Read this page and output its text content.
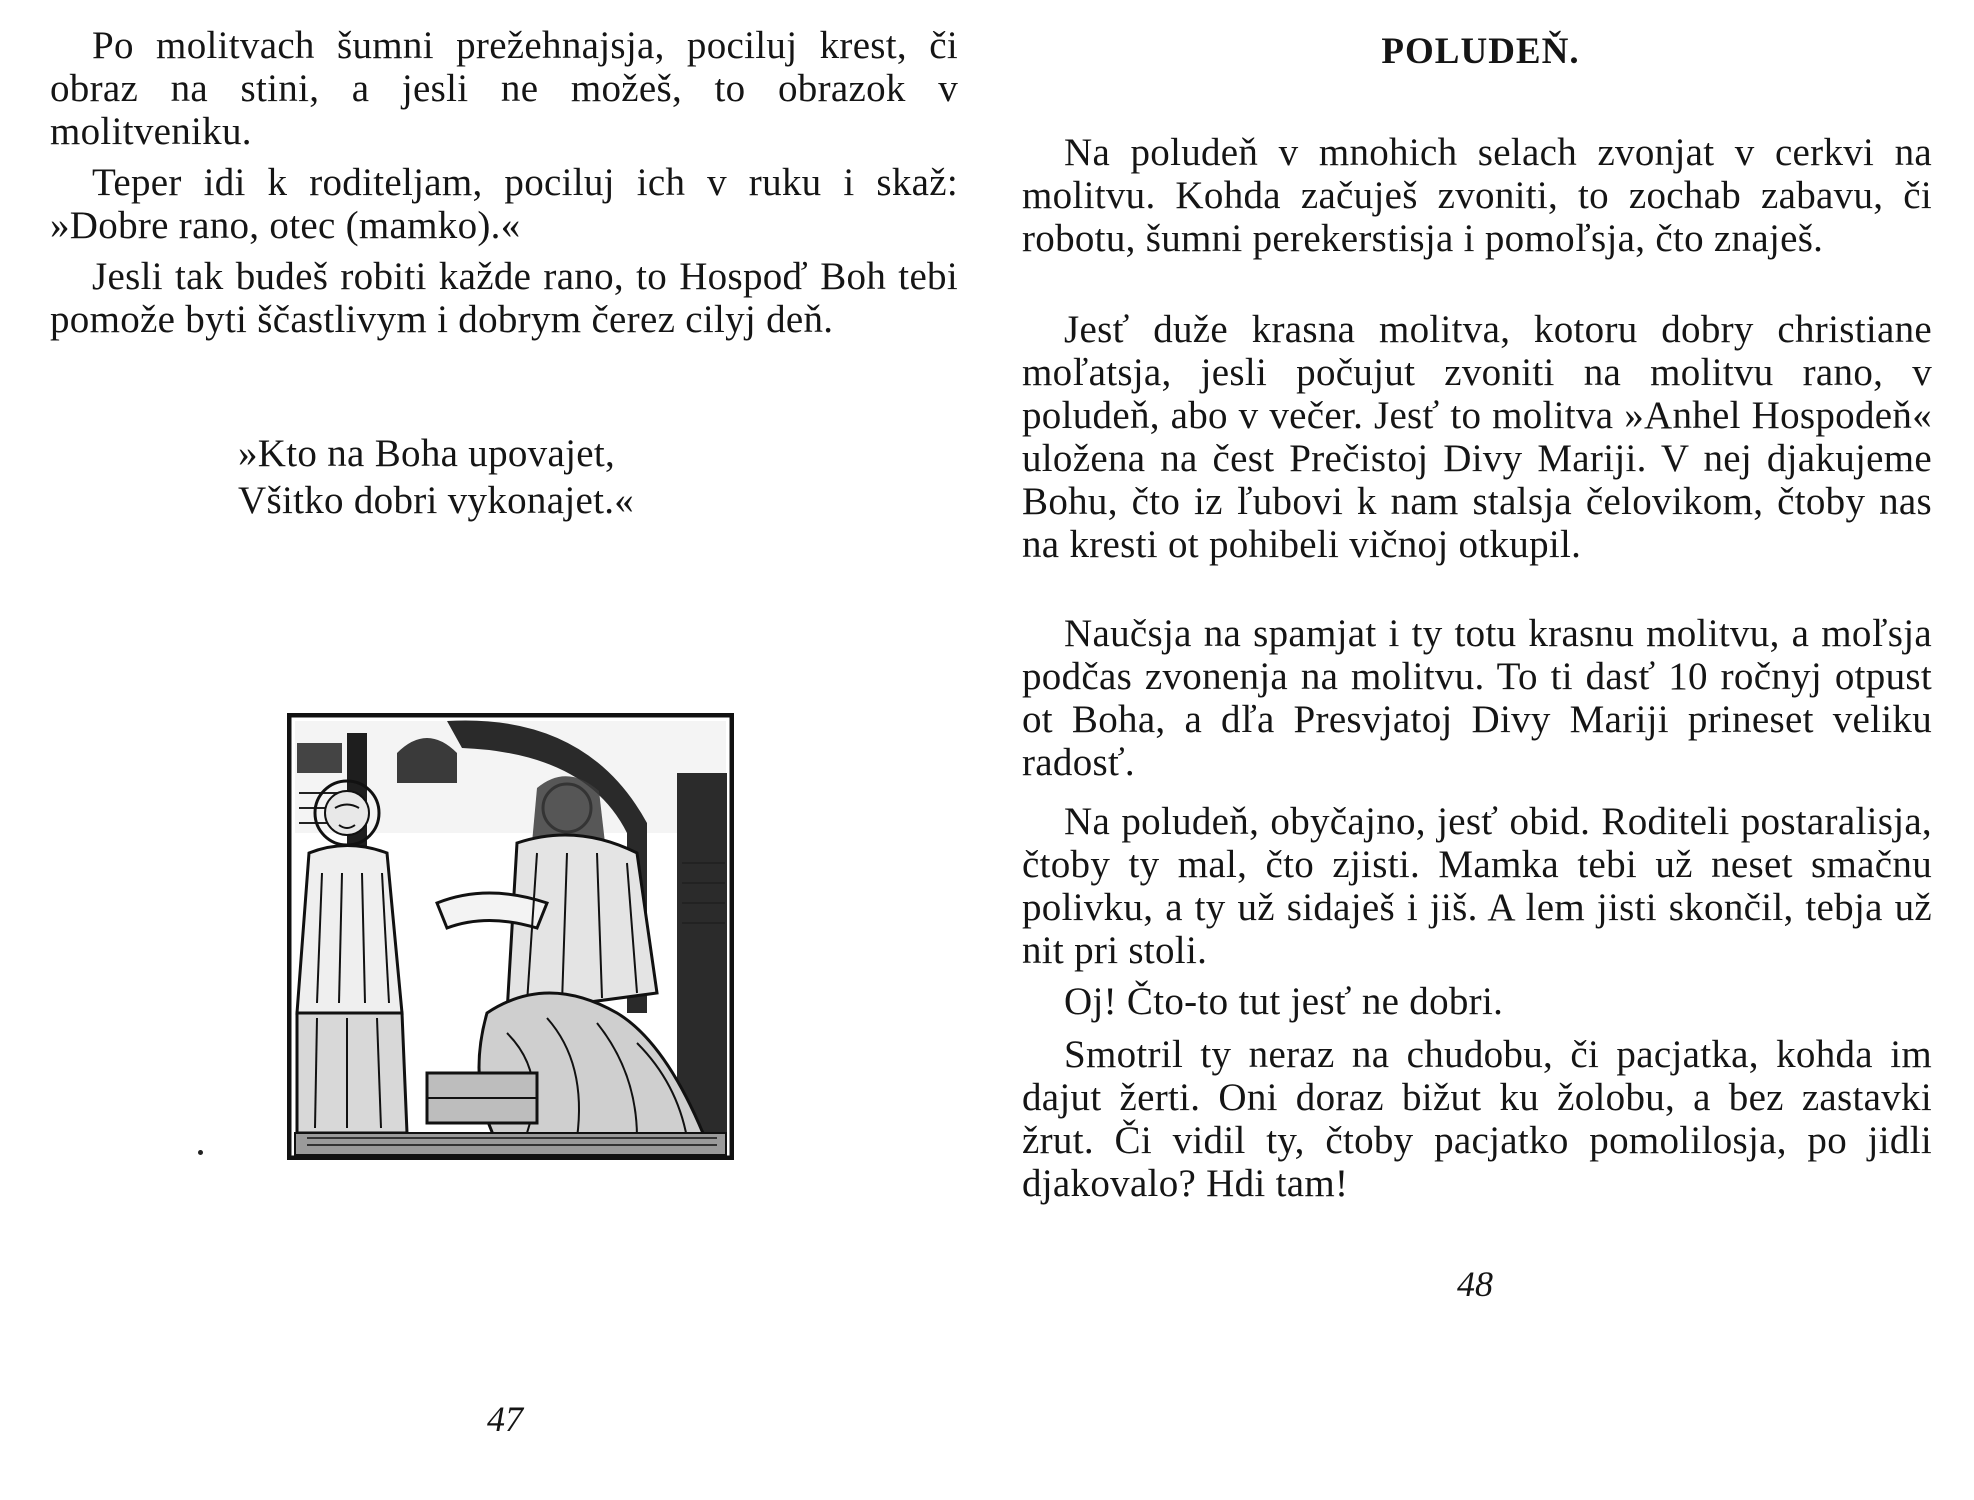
Po molitvach šumni prežehnajsja, pociluj krest, či obraz na stini, a jesli ne možeš, to obrazok v molitveniku.

Teper idi k roditeljam, pociluj ich v ruku i skaž: »Dobre rano, otec (mamko).«

Jesli tak budeš robiti každe rano, to Hospoď Boh tebi pomože byti ščastlivym i dobrym čerez cilyj deň.

»Kto na Boha upovajet,
Všitko dobri vykonajet.«
47
POLUDEŇ.

Na poludeň v mnohich selach zvonjat v cerkvi na molitvu. Kohda začuješ zvoniti, to zochab zabavu, či robotu, šumni perekerstisja i pomoľsja, čto znaješ.

Jesť duže krasna molitva, kotoru dobry christiane moľatsja, jesli počujut zvoniti na molitvu rano, v poludeň, abo v večer. Jesť to molitva »Anhel Hospodeň« uložena na čest Prečistoj Divy Mariji. V nej djakujeme Bohu, čto iz ľubovi k nam stalsja čelovikom, čtoby nas na kresti ot pohibeli vičnoj otkupil.

Naučsja na spamjat i ty totu krasnu molitvu, a moľsja podčas zvonenja na molitvu. To ti dasť 10 ročnyj otpust ot Boha, a dľa Presvjatoj Divy Mariji prineset veliku radosť.

Na poludeň, obyčajno, jesť obid. Roditeli postaralisja, čtoby ty mal, čto zjisti. Mamka tebi už neset smačnu polivku, a ty už sidaješ i jiš. A lem jisti skončil, tebja už nit pri stoli.

Oj! Čto-to tut jesť ne dobri.

Smotril ty neraz na chudobu, či pacjatka, kohda im dajut žerti. Oni doraz bižut ku žolobu, a bez zastavki žrut. Či vidil ty, čtoby pacjatko pomolilosja, po jidli djakovalo? Hdi tam!

48
